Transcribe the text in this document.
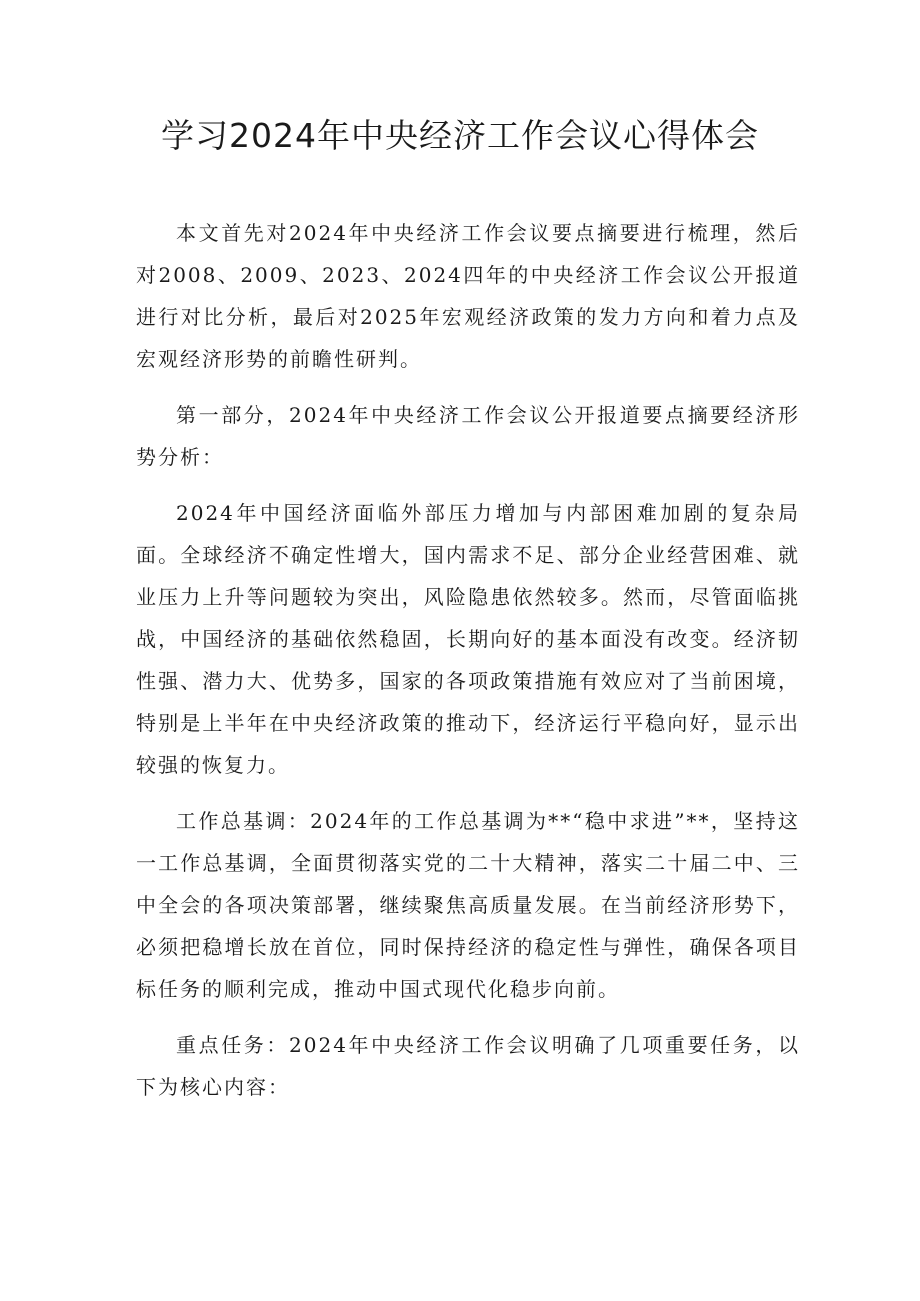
学习2024年中央经济工作会议心得体会

本文首先对2024年中央经济工作会议要点摘要进行梳理，然后对2008、2009、2023、2024四年的中央经济工作会议公开报道进行对比分析，最后对2025年宏观经济政策的发力方向和着力点及宏观经济形势的前瞻性研判。

第一部分，2024年中央经济工作会议公开报道要点摘要经济形势分析：

2024年中国经济面临外部压力增加与内部困难加剧的复杂局面。全球经济不确定性增大，国内需求不足、部分企业经营困难、就业压力上升等问题较为突出，风险隐患依然较多。然而，尽管面临挑战，中国经济的基础依然稳固，长期向好的基本面没有改变。经济韧性强、潜力大、优势多，国家的各项政策措施有效应对了当前困境，特别是上半年在中央经济政策的推动下，经济运行平稳向好，显示出较强的恢复力。

工作总基调：2024年的工作总基调为**“稳中求进”**，坚持这一工作总基调，全面贯彻落实党的二十大精神，落实二十届二中、三中全会的各项决策部署，继续聚焦高质量发展。在当前经济形势下，必须把稳增长放在首位，同时保持经济的稳定性与弹性，确保各项目标任务的顺利完成，推动中国式现代化稳步向前。

重点任务：2024年中央经济工作会议明确了几项重要任务，以下为核心内容：
